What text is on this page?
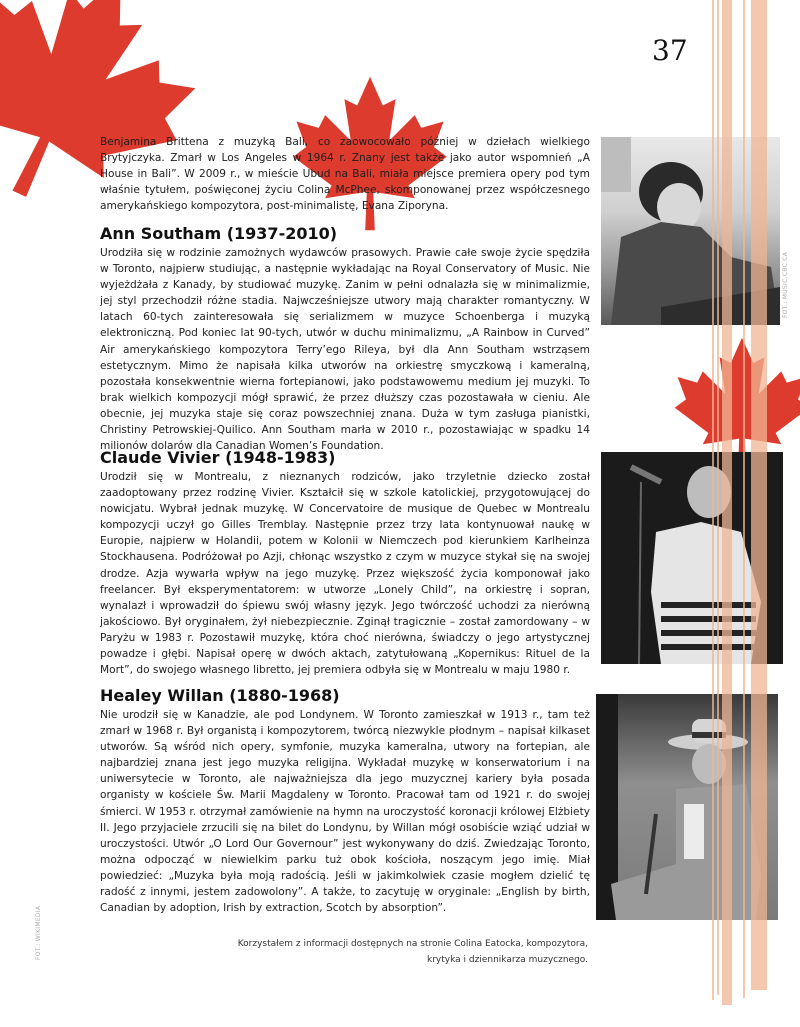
37
Benjamina Brittena z muzyką Bali, co zaowocowało później w dziełach wielkiego Brytyjczyka. Zmarł w Los Angeles w 1964 r. Znany jest także jako autor wspomnień „A House in Bali”. W 2009 r., w mieście Ubud na Bali, miała miejsce premiera opery pod tym właśnie tytułem, poświęconej życiu Colina McPhee, skomponowanej przez współczesnego amerykańskiego kompozytora, post-minimalistę, Evana Ziporyna.
Ann Southam (1937-2010)

Urodziła się w rodzinie zamożnych wydawców prasowych. Prawie całe swoje życie spędziła w Toronto, najpierw studiując, a następnie wykładając na Royal Conservatory of Music. Nie wyjeżdżała z Kanady, by studiować muzykę. Zanim w pełni odnalazła się w minimalizmie, jej styl przechodził różne stadia. Najwcześniejsze utwory mają charakter romantyczny. W latach 60-tych zainteresowała się serializmem w muzyce Schoenberga i muzyką elektroniczną. Pod koniec lat 90-tych, utwór w duchu minimalizmu, „A Rainbow in Curved” Air amerykańskiego kompozytora Terry’ego Rileya, był dla Ann Southam wstrząsem estetycznym. Mimo że napisała kilka utworów na orkiestrę smyczkową i kameralną, pozostała konsekwentnie wierna fortepianowi, jako podstawowemu medium jej muzyki. To brak wielkich kompozycji mógł sprawić, że przez dłuższy czas pozostawała w cieniu. Ale obecnie, jej muzyka staje się coraz powszechniej znana. Duża w tym zasługa pianistki, Christiny Petrowskiej-Quilico. Ann Southam marła w 2010 r., pozostawiając w spadku 14 milionów dolarów dla Canadian Women’s Foundation.

Claude Vivier (1948-1983)

Urodził się w Montrealu, z nieznanych rodziców, jako trzyletnie dziecko został zaadoptowany przez rodzinę Vivier. Kształcił się w szkole katolickiej, przygotowującej do nowicjatu. Wybrał jednak muzykę. W Concervatoire de musique de Quebec w Montrealu kompozycji uczył go Gilles Tremblay. Następnie przez trzy lata kontynuował naukę w Europie, najpierw w Holandii, potem w Kolonii w Niemczech pod kierunkiem Karlheinza Stockhausena. Podróżował po Azji, chłonąc wszystko z czym w muzyce stykał się na swojej drodze. Azja wywarła wpływ na jego muzykę. Przez większość życia komponował jako freelancer. Był eksperymentatorem: w utworze „Lonely Child”, na orkiestrę i sopran, wynalazł i wprowadził do śpiewu swój własny język. Jego twórczość uchodzi za nierówną jakościowo. Był oryginałem, żył niebezpiecznie. Zginął tragicznie – został zamordowany – w Paryżu w 1983 r. Pozostawił muzykę, która choć nierówna, świadczy o jego artystycznej powadze i głębi. Napisał operę w dwóch aktach, zatytułowaną „Kopernikus: Rituel de la Mort”, do swojego własnego libretto, jej premiera odbyła się w Montrealu w maju 1980 r.

Healey Willan (1880-1968)

Nie urodził się w Kanadzie, ale pod Londynem. W Toronto zamieszkał w 1913 r., tam też zmarł w 1968 r. Był organistą i kompozytorem, twórcą niezwykle płodnym – napisał kilkaset utworów. Są wśród nich opery, symfonie, muzyka kameralna, utwory na fortepian, ale najbardziej znana jest jego muzyka religijna. Wykładał muzykę w konserwatorium i na uniwersytecie w Toronto, ale najważniejsza dla jego muzycznej kariery była posada organisty w kościele Św. Marii Magdaleny w Toronto. Pracował tam od 1921 r. do swojej śmierci. W 1953 r. otrzymał zamówienie na hymn na uroczystość koronacji królowej Elżbiety II. Jego przyjaciele zrzucili się na bilet do Londynu, by Willan mógł osobiście wziąć udział w uroczystości. Utwór „O Lord Our Governour” jest wykonywany do dziś. Zwiedzając Toronto, można odpocząć w niewielkim parku tuż obok kościoła, noszącym jego imię. Miał powiedzieć: „Muzyka była moją radością. Jeśli w jakimkolwiek czasie mogłem dzielić tę radość z innymi, jestem zadowolony”. A także, to zacytuję w oryginale: „English by birth, Canadian by adoption, Irish by extraction, Scotch by absorption”.

Korzystałem z informacji dostępnych na stronie Colina Eatocka, kompozytora,
krytyka i dziennikarza muzycznego.
FOT.: MUSIC.CBC.CA
FOT.: WIKIMEDIA
